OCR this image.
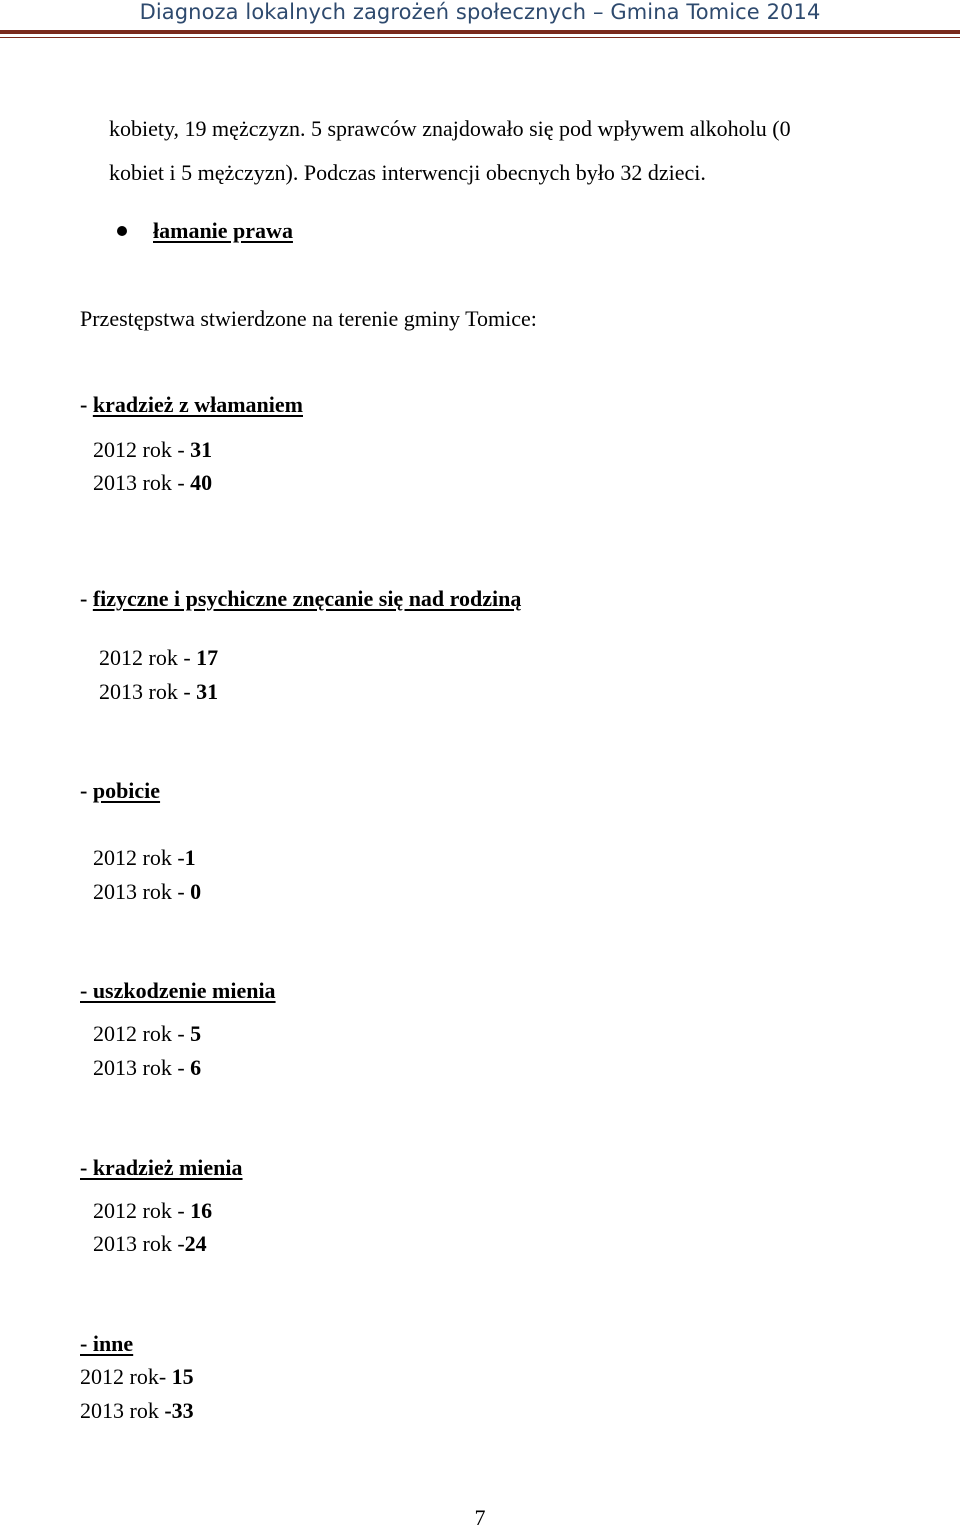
Diagnoza lokalnych zagrożeń społecznych – Gmina Tomice 2014
kobiety, 19 mężczyzn. 5 sprawców znajdowało się pod wpływem alkoholu (0
kobiet i 5 mężczyzn). Podczas interwencji obecnych było 32 dzieci.
łamanie prawa
Przestępstwa stwierdzone na terenie gminy Tomice:
- kradzież z włamaniem
2012 rok - 31
2013 rok - 40
- fizyczne i psychiczne znęcanie się nad rodziną
2012 rok - 17
2013 rok - 31
- pobicie
2012 rok -1
2013 rok - 0
- uszkodzenie mienia
2012 rok - 5
2013 rok - 6
- kradzież mienia
2012 rok - 16
2013 rok -24
- inne
2012 rok- 15
2013 rok -33
7
